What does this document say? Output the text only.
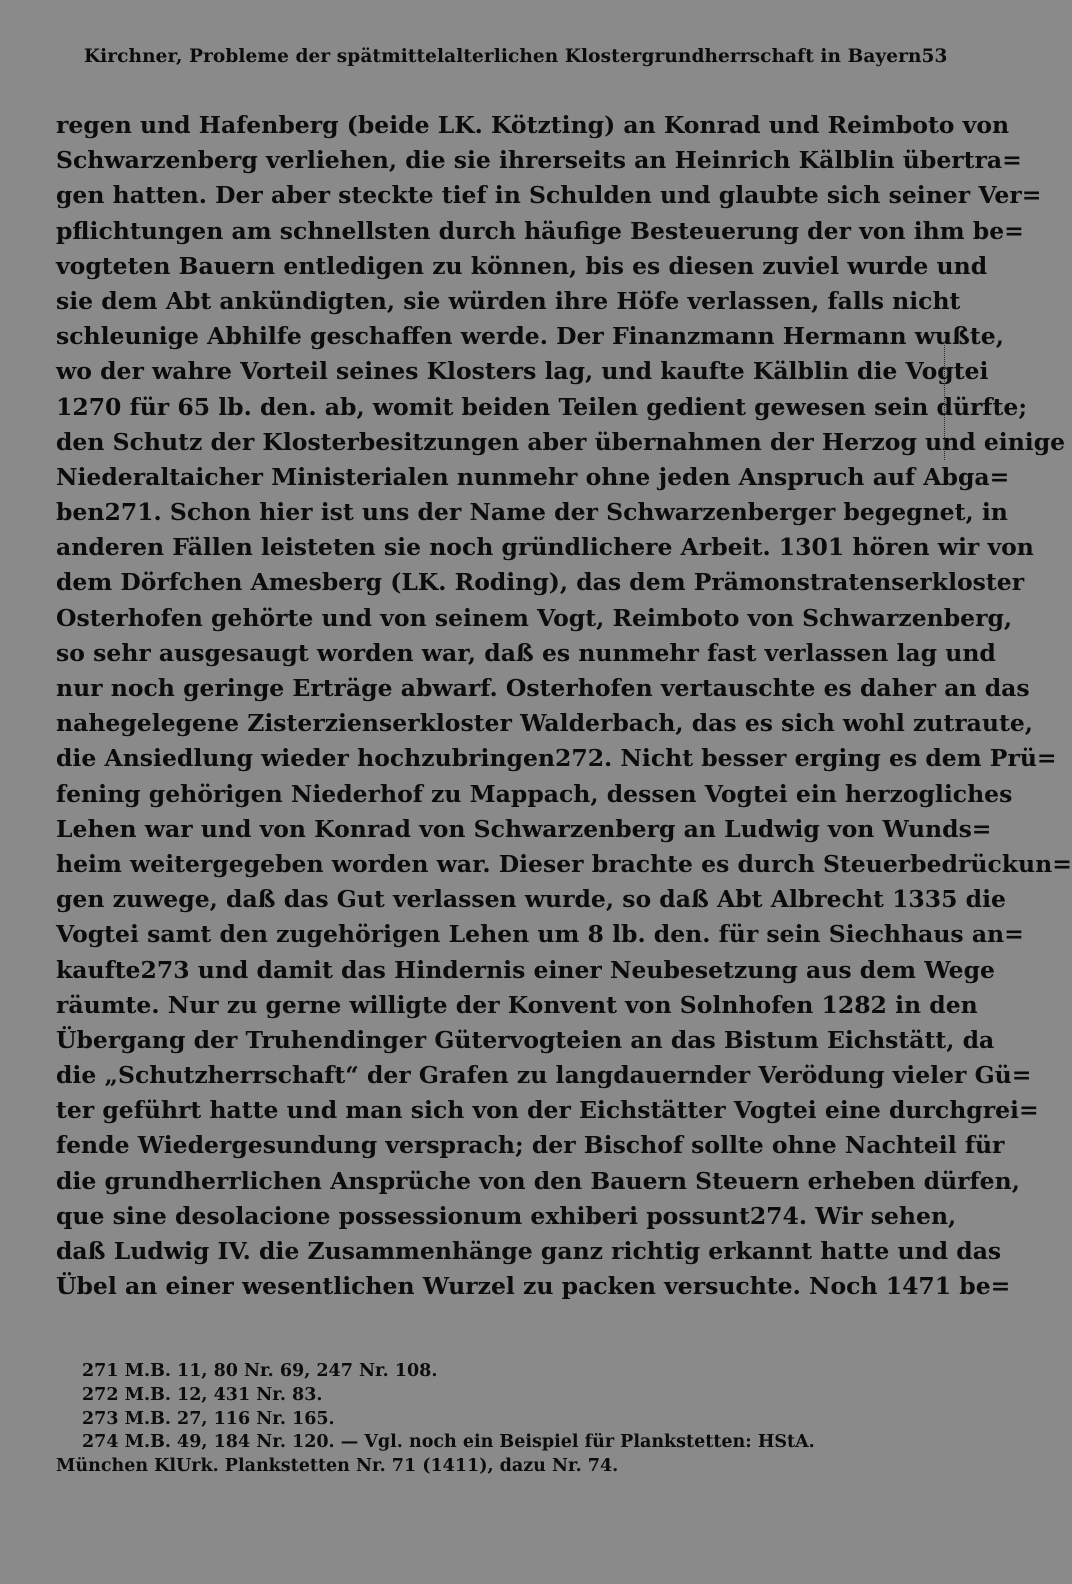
Kirchner, Probleme der spätmittelalterlichen Klostergrundherrschaft in Bayern 53
regen und Hafenberg (beide LK. Kötzting) an Konrad und Reimboto von
Schwarzenberg verliehen, die sie ihrerseits an Heinrich Kälblin übertra=
gen hatten. Der aber steckte tief in Schulden und glaubte sich seiner Ver=
pflichtungen am schnellsten durch häufige Besteuerung der von ihm be=
vogteten Bauern entledigen zu können, bis es diesen zuviel wurde und
sie dem Abt ankündigten, sie würden ihre Höfe verlassen, falls nicht
schleunige Abhilfe geschaffen werde. Der Finanzmann Hermann wußte,
wo der wahre Vorteil seines Klosters lag, und kaufte Kälblin die Vogtei
1270 für 65 lb. den. ab, womit beiden Teilen gedient gewesen sein dürfte;
den Schutz der Klosterbesitzungen aber übernahmen der Herzog und einige
Niederaltaicher Ministerialen nunmehr ohne jeden Anspruch auf Abga=
ben271. Schon hier ist uns der Name der Schwarzenberger begegnet, in
anderen Fällen leisteten sie noch gründlichere Arbeit. 1301 hören wir von
dem Dörfchen Amesberg (LK. Roding), das dem Prämonstratenserkloster
Osterhofen gehörte und von seinem Vogt, Reimboto von Schwarzenberg,
so sehr ausgesaugt worden war, daß es nunmehr fast verlassen lag und
nur noch geringe Erträge abwarf. Osterhofen vertauschte es daher an das
nahegelegene Zisterzienserkloster Walderbach, das es sich wohl zutraute,
die Ansiedlung wieder hochzubringen272. Nicht besser erging es dem Prü=
fening gehörigen Niederhof zu Mappach, dessen Vogtei ein herzogliches
Lehen war und von Konrad von Schwarzenberg an Ludwig von Wunds=
heim weitergegeben worden war. Dieser brachte es durch Steuerbedrückun=
gen zuwege, daß das Gut verlassen wurde, so daß Abt Albrecht 1335 die
Vogtei samt den zugehörigen Lehen um 8 lb. den. für sein Siechhaus an=
kaufte273 und damit das Hindernis einer Neubesetzung aus dem Wege
räumte. Nur zu gerne willigte der Konvent von Solnhofen 1282 in den
Übergang der Truhendinger Gütervogteien an das Bistum Eichstätt, da
die „Schutzherrschaft“ der Grafen zu langdauernder Verödung vieler Gü=
ter geführt hatte und man sich von der Eichstätter Vogtei eine durchgrei=
fende Wiedergesundung versprach; der Bischof sollte ohne Nachteil für
die grundherrlichen Ansprüche von den Bauern Steuern erheben dürfen,
que sine desolacione possessionum exhiberi possunt274. Wir sehen,
daß Ludwig IV. die Zusammenhänge ganz richtig erkannt hatte und das
Übel an einer wesentlichen Wurzel zu packen versuchte. Noch 1471 be=
271 M.B. 11, 80 Nr. 69, 247 Nr. 108.
272 M.B. 12, 431 Nr. 83.
273 M.B. 27, 116 Nr. 165.
274 M.B. 49, 184 Nr. 120. — Vgl. noch ein Beispiel für Plankstetten: HStA.
München KlUrk. Plankstetten Nr. 71 (1411), dazu Nr. 74.
